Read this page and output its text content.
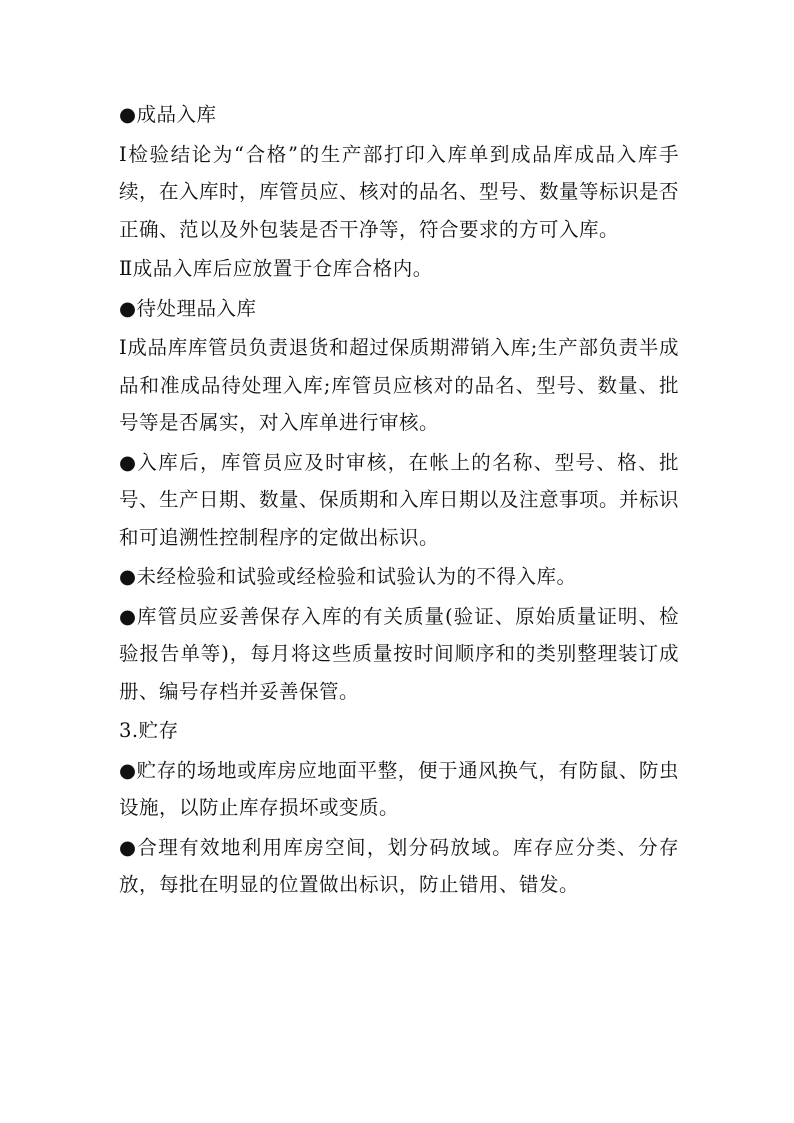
●成品入库

Ⅰ检验结论为“合格”的生产部打印入库单到成品库成品入库手续，在入库时，库管员应、核对的品名、型号、数量等标识是否正确、范以及外包装是否干净等，符合要求的方可入库。

Ⅱ成品入库后应放置于仓库合格内。

●待处理品入库

Ⅰ成品库库管员负责退货和超过保质期滞销入库;生产部负责半成品和准成品待处理入库;库管员应核对的品名、型号、数量、批号等是否属实，对入库单进行审核。

●入库后，库管员应及时审核，在帐上的名称、型号、格、批号、生产日期、数量、保质期和入库日期以及注意事项。并标识和可追溯性控制程序的定做出标识。

●未经检验和试验或经检验和试验认为的不得入库。

●库管员应妥善保存入库的有关质量(验证、原始质量证明、检验报告单等)，每月将这些质量按时间顺序和的类别整理装订成册、编号存档并妥善保管。

3.贮存

●贮存的场地或库房应地面平整，便于通风换气，有防鼠、防虫设施，以防止库存损坏或变质。

●合理有效地利用库房空间，划分码放域。库存应分类、分存放，每批在明显的位置做出标识，防止错用、错发。
